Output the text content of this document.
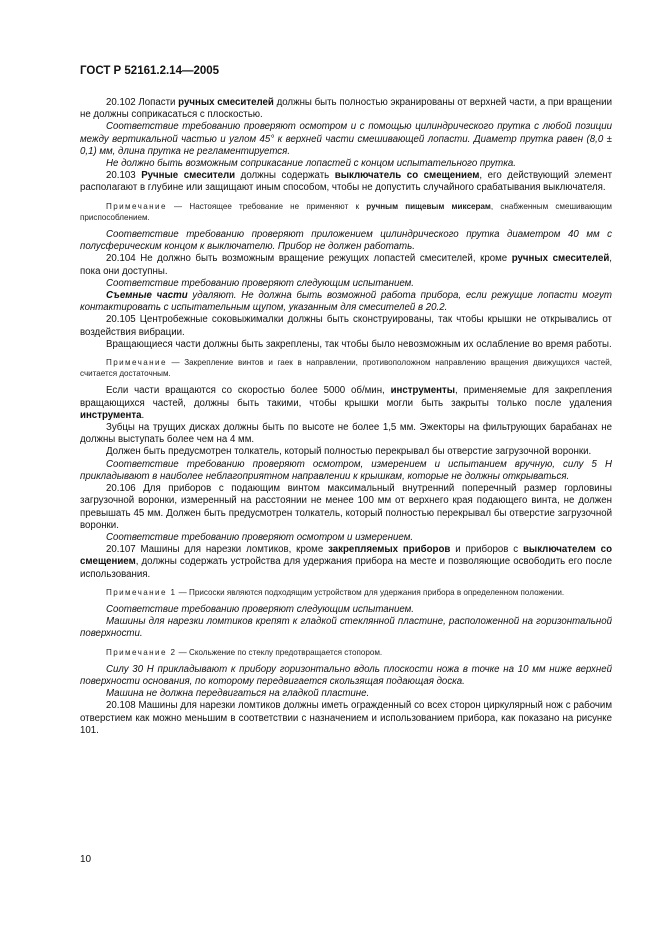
ГОСТ Р 52161.2.14—2005

20.102 Лопасти ручных смесителей должны быть полностью экранированы от верхней части, а при вращении не должны соприкасаться с плоскостью.

Соответствие требованию проверяют осмотром и с помощью цилиндрического прутка с любой позиции между вертикальной частью и углом 45° к верхней части смешивающей лопасти. Диаметр прутка равен (8,0 ± 0,1) мм, длина прутка не регламентируется.

Не должно быть возможным соприкасание лопастей с концом испытательного прутка.

20.103 Ручные смесители должны содержать выключатель со смещением, его действующий элемент располагают в глубине или защищают иным способом, чтобы не допустить случайного срабатывания выключателя.

Примечание — Настоящее требование не применяют к ручным пищевым миксерам, снабженным смешивающим приспособлением.

Соответствие требованию проверяют приложением цилиндрического прутка диаметром 40 мм с полусферическим концом к выключателю. Прибор не должен работать.

20.104 Не должно быть возможным вращение режущих лопастей смесителей, кроме ручных смесителей, пока они доступны.

Соответствие требованию проверяют следующим испытанием.

Съемные части удаляют. Не должна быть возможной работа прибора, если режущие лопасти могут контактировать с испытательным щупом, указанным для смесителей в 20.2.

20.105 Центробежные соковыжималки должны быть сконструированы, так чтобы крышки не открывались от воздействия вибрации.

Вращающиеся части должны быть закреплены, так чтобы было невозможным их ослабление во время работы.

Примечание — Закрепление винтов и гаек в направлении, противоположном направлению вращения движущихся частей, считается достаточным.

Если части вращаются со скоростью более 5000 об/мин, инструменты, применяемые для закрепления вращающихся частей, должны быть такими, чтобы крышки могли быть закрыты только после удаления инструмента.

Зубцы на трущих дисках должны быть по высоте не более 1,5 мм. Эжекторы на фильтрующих барабанах не должны выступать более чем на 4 мм.

Должен быть предусмотрен толкатель, который полностью перекрывал бы отверстие загрузочной воронки.

Соответствие требованию проверяют осмотром, измерением и испытанием вручную, силу 5 Н прикладывают в наиболее неблагоприятном направлении к крышкам, которые не должны открываться.

20.106 Для приборов с подающим винтом максимальный внутренний поперечный размер горловины загрузочной воронки, измеренный на расстоянии не менее 100 мм от верхнего края подающего винта, не должен превышать 45 мм. Должен быть предусмотрен толкатель, который полностью перекрывал бы отверстие загрузочной воронки.

Соответствие требованию проверяют осмотром и измерением.

20.107 Машины для нарезки ломтиков, кроме закрепляемых приборов и приборов с выключателем со смещением, должны содержать устройства для удержания прибора на месте и позволяющие освободить его после использования.

Примечание 1 — Присоски являются подходящим устройством для удержания прибора в определенном положении.

Соответствие требованию проверяют следующим испытанием.

Машины для нарезки ломтиков крепят к гладкой стеклянной пластине, расположенной на горизонтальной поверхности.

Примечание 2 — Скольжение по стеклу предотвращается стопором.

Силу 30 Н прикладывают к прибору горизонтально вдоль плоскости ножа в точке на 10 мм ниже верхней поверхности основания, по которому передвигается скользящая подающая доска.

Машина не должна передвигаться на гладкой пластине.

20.108 Машины для нарезки ломтиков должны иметь огражденный со всех сторон циркулярный нож с рабочим отверстием как можно меньшим в соответствии с назначением и использованием прибора, как показано на рисунке 101.

10
